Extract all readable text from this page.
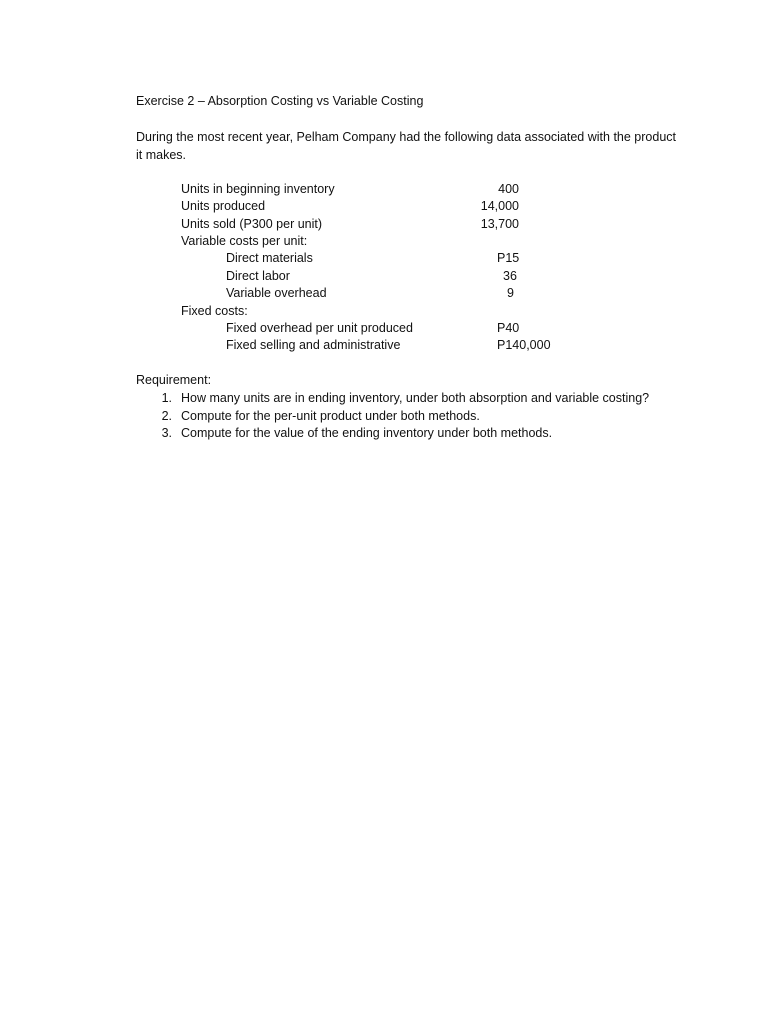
Exercise 2 – Absorption Costing vs Variable Costing
During the most recent year, Pelham Company had the following data associated with the product it makes.
Units in beginning inventory	400
Units produced	14,000
Units sold (P300 per unit)	13,700
Variable costs per unit:
Direct materials	P15
Direct labor	36
Variable overhead	9
Fixed costs:
Fixed overhead per unit produced	P40
Fixed selling and administrative	P140,000
Requirement:
1. How many units are in ending inventory, under both absorption and variable costing?
2. Compute for the per-unit product under both methods.
3. Compute for the value of the ending inventory under both methods.
